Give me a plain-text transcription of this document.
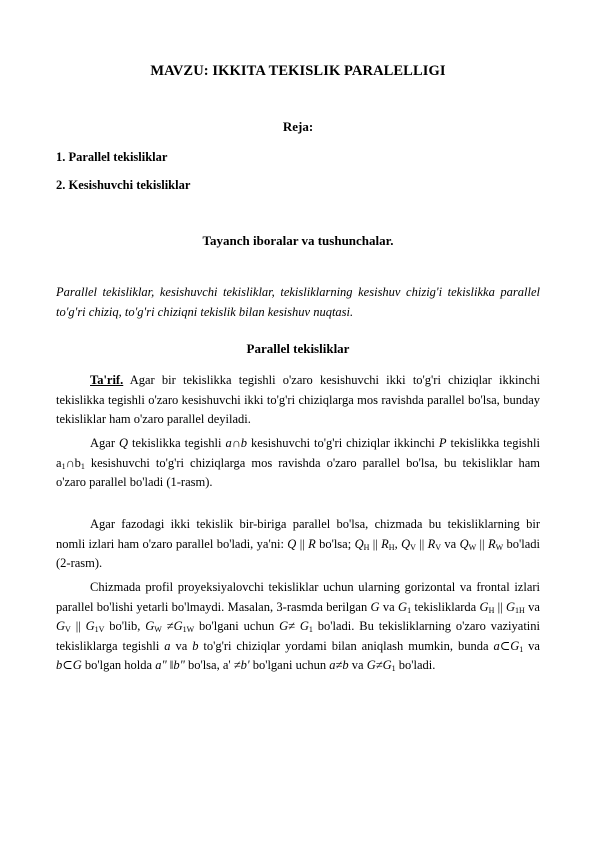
MAVZU: IKKITA TEKISLIK PARALELLIGI
Reja:
1. Parallel tekisliklar
2. Kesishuvchi tekisliklar
Tayanch iboralar va tushunchalar.
Parallel tekisliklar, kesishuvchi tekisliklar, tekisliklarning kesishuv chizig'i tekislikka parallel to'g'ri chiziq, to'g'ri chiziqni tekislik bilan kesishuv nuqtasi.
Parallel tekisliklar
Ta'rif. Agar bir tekislikka tegishli o'zaro kesishuvchi ikki to'g'ri chiziqlar ikkinchi tekislikka tegishli o'zaro kesishuvchi ikki to'g'ri chiziqlarga mos ravishda parallel bo'lsa, bunday tekisliklar ham o'zaro parallel deyiladi.
Agar Q tekislikka tegishli a∩b kesishuvchi to'g'ri chiziqlar ikkinchi P tekislikka tegishli $a_1\cap b_1$ kesishuvchi to'g'ri chiziqlarga mos ravishda o'zaro parallel bo'lsa, bu tekisliklar ham o'zaro parallel bo'ladi (1-rasm).
Agar fazodagi ikki tekislik bir-biriga parallel bo'lsa, chizmada bu tekisliklarning bir nomli izlari ham o'zaro parallel bo'ladi, ya'ni: Q || R bo'lsa; $Q_H$ || $R_H$, $Q_V$ || $R_V$ va $Q_W$ || $R_W$ bo'ladi (2-rasm).
Chizmada profil proyeksiyalovchi tekisliklar uchun ularning gorizontal va frontal izlari parallel bo'lishi yetarli bo'lmaydi. Masalan, 3-rasmda berilgan G va $G_1$ tekisliklarda $G_H$ || $G_{1H}$ va $G_V$ || $G_{1V}$ bo'lib, $G_W \ne G_{1W}$ bo'lgani uchun $G\ne G_1$ bo'ladi. Bu tekisliklarning o'zaro vaziyatini tekisliklarga tegishli a va b to'g'ri chiziqlar yordami bilan aniqlash mumkin, bunda $a\subset G_1$ va b⊂G bo'lgan holda a" ‖b" bo'lsa, a' ≠b' bo'lgani uchun a≠b va $G\ne G_1$ bo'ladi.
